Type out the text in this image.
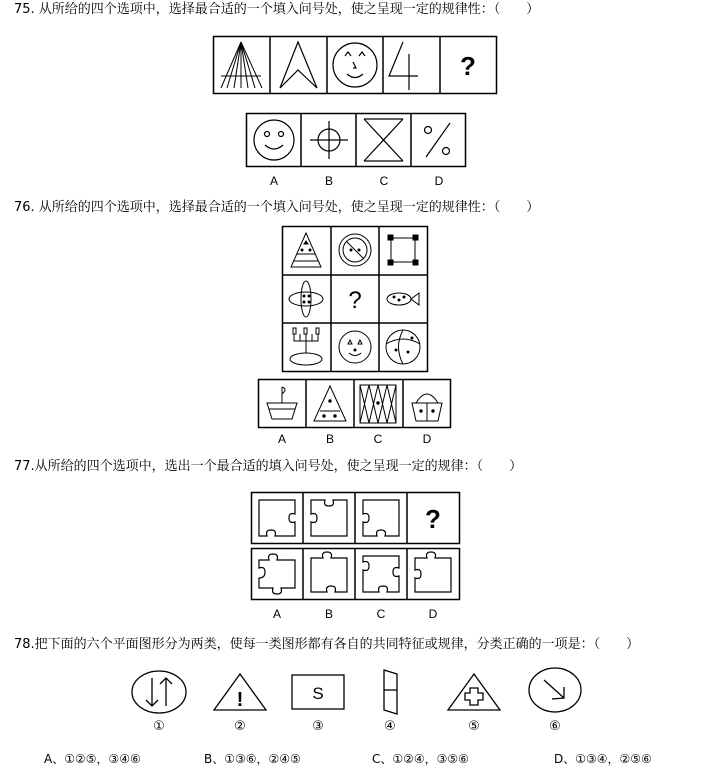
75. 从所给的四个选项中，选择最合适的一个填入问号处，使之呈现一定的规律性：（　　）
?
A	B	C	D
76. 从所给的四个选项中，选择最合适的一个填入问号处，使之呈现一定的规律性：（　　）
?
A	B	C	D
77.从所给的四个选项中，选出一个最合适的填入问号处，使之呈现一定的规律：（　　）
?
A	B	C	D
78.把下面的六个平面图形分为两类，使每一类图形都有各自的共同特征或规律，分类正确的一项是：（　　）
!	S
①	②	③	④	⑤	⑥
A、①②⑤，③④⑥	B、①③⑥，②④⑤	C、①②④，③⑤⑥	D、①③④，②⑤⑥
